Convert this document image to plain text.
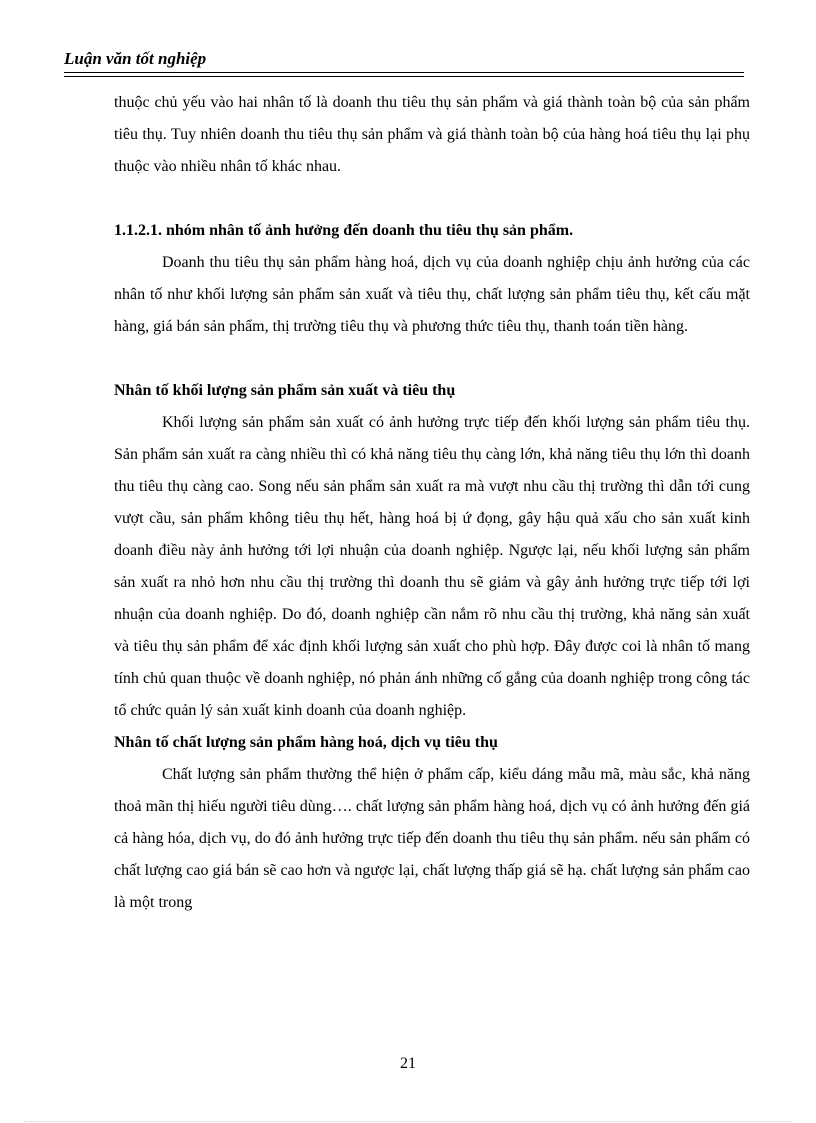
Luận văn tốt nghiệp

thuộc chủ yếu vào hai nhân tố là doanh thu tiêu thụ sản phẩm và giá thành toàn bộ của sản phẩm tiêu thụ. Tuy nhiên doanh thu tiêu thụ sản phẩm và giá thành toàn bộ của hàng hoá tiêu thụ lại phụ thuộc vào nhiều nhân tố khác nhau.

1.1.2.1. nhóm nhân tố ảnh hưởng đến doanh thu tiêu thụ sản phẩm.

Doanh thu tiêu thụ sản phẩm hàng hoá, dịch vụ của doanh nghiệp chịu ảnh hưởng của các nhân tố như khối lượng sản phẩm sản xuất và tiêu thụ, chất lượng sản phẩm tiêu thụ, kết cấu mặt hàng, giá bán sản phẩm, thị trường tiêu thụ và phương thức tiêu thụ, thanh toán tiền hàng.

Nhân tố khối lượng sản phẩm sản xuất và tiêu thụ

Khối lượng sản phẩm sản xuất có ảnh hưởng trực tiếp đến khối lượng sản phẩm tiêu thụ. Sản phẩm sản xuất ra càng nhiều thì có khả năng tiêu thụ càng lớn, khả năng tiêu thụ lớn thì doanh thu tiêu thụ càng cao. Song nếu sản phẩm sản xuất ra mà vượt nhu cầu thị trường thì dẫn tới cung vượt cầu, sản phẩm không tiêu thụ hết, hàng hoá bị ứ đọng, gây hậu quả xấu cho sản xuất kinh doanh điều này ảnh hưởng tới lợi nhuận của doanh nghiệp. Ngược lại, nếu khối lượng sản phẩm sản xuất ra nhỏ hơn nhu cầu thị trường thì doanh thu sẽ giảm và gây ảnh hưởng trực tiếp tới lợi nhuận của doanh nghiệp. Do đó, doanh nghiệp cần nắm rõ nhu cầu thị trường, khả năng sản xuất và tiêu thụ sản phẩm để xác định khối lượng sản xuất cho phù hợp. Đây được coi là nhân tố mang tính chủ quan thuộc về doanh nghiệp, nó phản ánh những cố gắng của doanh nghiệp trong công tác tổ chức quản lý sản xuất kinh doanh của doanh nghiệp.

Nhân tố chất lượng sản phẩm hàng hoá, dịch vụ tiêu thụ

Chất lượng sản phẩm thường thể hiện ở phẩm cấp, kiểu dáng mẫu mã, màu sắc, khả năng thoả mãn thị hiếu người tiêu dùng…. chất lượng sản phẩm hàng hoá, dịch vụ có ảnh hưởng đến giá cả hàng hóa, dịch vụ, do đó ảnh hưởng trực tiếp đến doanh thu tiêu thụ sản phẩm. nếu sản phẩm có chất lượng cao giá bán sẽ cao hơn và ngược lại, chất lượng thấp giá sẽ hạ. chất lượng sản phẩm cao là một trong

21
